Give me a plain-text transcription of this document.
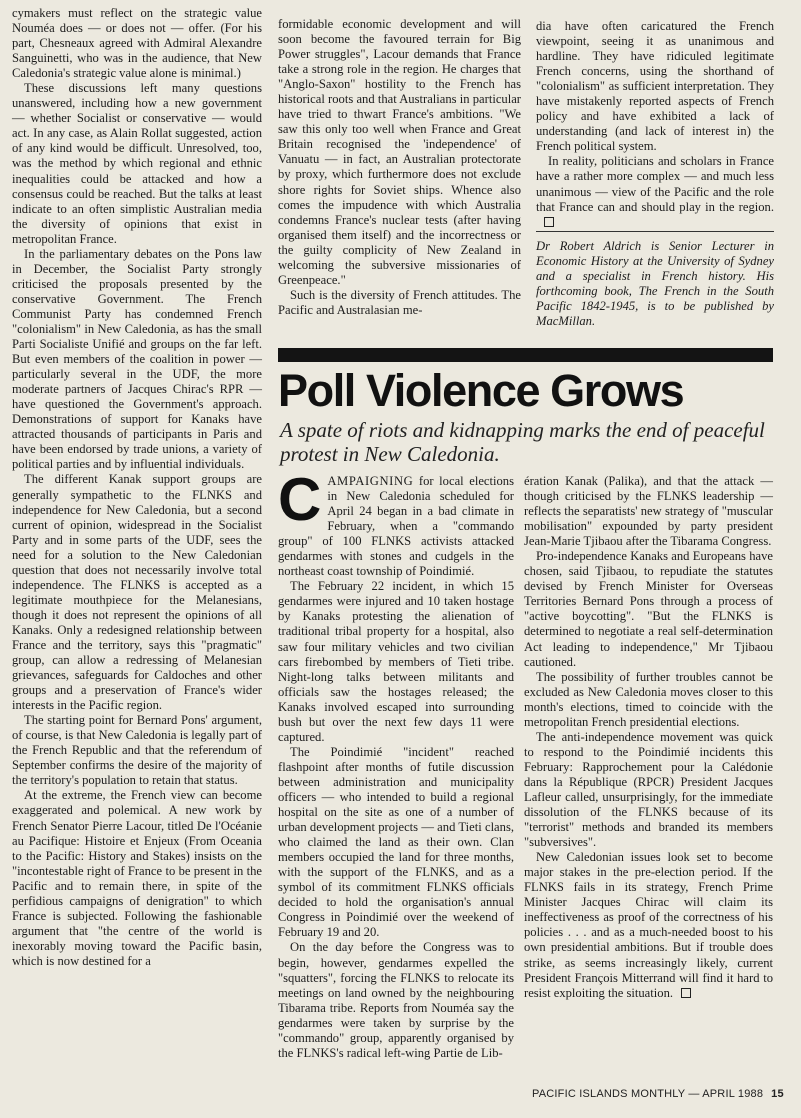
cymakers must reflect on the strategic value Nouméa does — or does not — offer. (For his part, Chesneaux agreed with Admiral Alexandre Sanguinetti, who was in the audience, that New Caledonia's strategic value alone is minimal.)

These discussions left many questions unanswered, including how a new government — whether Socialist or conservative — would act. In any case, as Alain Rollat suggested, action of any kind would be difficult. Unresolved, too, was the method by which regional and ethnic inequalities could be attacked and how a consensus could be reached. But the talks at least indicate to an often simplistic Australian media the diversity of opinions that exist in metropolitan France.

In the parliamentary debates on the Pons law in December, the Socialist Party strongly criticised the proposals presented by the conservative Government. The French Communist Party has condemned French "colonialism" in New Caledonia, as has the small Parti Socialiste Unifié and groups on the far left. But even members of the coalition in power — particularly several in the UDF, the more moderate partners of Jacques Chirac's RPR — have questioned the Government's approach. Demonstrations of support for Kanaks have attracted thousands of participants in Paris and have been endorsed by trade unions, a variety of political parties and by influential individuals.

The different Kanak support groups are generally sympathetic to the FLNKS and independence for New Caledonia, but a second current of opinion, widespread in the Socialist Party and in some parts of the UDF, sees the need for a solution to the New Caledonian question that does not necessarily involve total independence. The FLNKS is accepted as a legitimate mouthpiece for the Melanesians, though it does not represent the opinions of all Kanaks. Only a redesigned relationship between France and the territory, says this "pragmatic" group, can allow a redressing of Melanesian grievances, safeguards for Caldoches and other groups and a preservation of France's wider interests in the Pacific region.

The starting point for Bernard Pons' argument, of course, is that New Caledonia is legally part of the French Republic and that the referendum of September confirms the desire of the majority of the territory's population to retain that status.

At the extreme, the French view can become exaggerated and polemical. A new work by French Senator Pierre Lacour, titled De l'Océanie au Pacifique: Histoire et Enjeux (From Oceania to the Pacific: History and Stakes) insists on the "incontestable right of France to be present in the Pacific and to remain there, in spite of the perfidious campaigns of denigration" to which France is subjected. Following the fashionable argument that "the centre of the world is inexorably moving toward the Pacific basin, which is now destined for a

formidable economic development and will soon become the favoured terrain for Big Power struggles", Lacour demands that France take a strong role in the region. He charges that "Anglo-Saxon" hostility to the French has historical roots and that Australians in particular have tried to thwart France's ambitions. "We saw this only too well when France and Great Britain recognised the 'independence' of Vanuatu — in fact, an Australian protectorate by proxy, which furthermore does not exclude shore rights for Soviet ships. Whence also comes the impudence with which Australia condemns France's nuclear tests (after having organised them itself) and the incorrectness or the guilty complicity of New Zealand in welcoming the subversive missionaries of Greenpeace."

Such is the diversity of French attitudes. The Pacific and Australasian me-

dia have often caricatured the French viewpoint, seeing it as unanimous and hardline. They have ridiculed legitimate French concerns, using the shorthand of "colonialism" as sufficient interpretation. They have mistakenly reported aspects of French policy and have exhibited a lack of understanding (and lack of interest in) the French political system.

In reality, politicians and scholars in France have a rather more complex — and much less unanimous — view of the Pacific and the role that France can and should play in the region.

Dr Robert Aldrich is Senior Lecturer in Economic History at the University of Sydney and a specialist in French history. His forthcoming book, The French in the South Pacific 1842-1945, is to be published by MacMillan.

Poll Violence Grows

A spate of riots and kidnapping marks the end of peaceful protest in New Caledonia.

CAMPAIGNING for local elections in New Caledonia scheduled for April 24 began in a bad climate in February, when a "commando group" of 100 FLNKS activists attacked gendarmes with stones and cudgels in the northeast coast township of Poindimié.

The February 22 incident, in which 15 gendarmes were injured and 10 taken hostage by Kanaks protesting the alienation of traditional tribal property for a hospital, also saw four military vehicles and two civilian cars firebombed by members of Tieti tribe. Night-long talks between militants and officials saw the hostages released; the Kanaks involved escaped into surrounding bush but over the next few days 11 were captured.

The Poindimié "incident" reached flashpoint after months of futile discussion between administration and municipality officers — who intended to build a regional hospital on the site as one of a number of urban development projects — and Tieti clans, who claimed the land as their own. Clan members occupied the land for three months, with the support of the FLNKS, and as a symbol of its commitment FLNKS officials decided to hold the organisation's annual Congress in Poindimié over the weekend of February 19 and 20.

On the day before the Congress was to begin, however, gendarmes expelled the "squatters", forcing the FLNKS to relocate its meetings on land owned by the neighbouring Tibarama tribe. Reports from Nouméa say the gendarmes were taken by surprise by the "commando" group, apparently organised by the FLNKS's radical left-wing Partie de Lib-

ération Kanak (Palika), and that the attack — though criticised by the FLNKS leadership — reflects the separatists' new strategy of "muscular mobilisation" expounded by party president Jean-Marie Tjibaou after the Tibarama Congress.

Pro-independence Kanaks and Europeans have chosen, said Tjibaou, to repudiate the statutes devised by French Minister for Overseas Territories Bernard Pons through a process of "active boycotting". "But the FLNKS is determined to negotiate a real self-determination Act leading to independence," Mr Tjibaou cautioned.

The possibility of further troubles cannot be excluded as New Caledonia moves closer to this month's elections, timed to coincide with the metropolitan French presidential elections.

The anti-independence movement was quick to respond to the Poindimié incidents this February: Rapprochement pour la Calédonie dans la République (RPCR) President Jacques Lafleur called, unsurprisingly, for the immediate dissolution of the FLNKS because of its "terrorist" methods and branded its members "subversives".

New Caledonian issues look set to become major stakes in the pre-election period. If the FLNKS fails in its strategy, French Prime Minister Jacques Chirac will claim its ineffectiveness as proof of the correctness of his policies . . . and as a much-needed boost to his own presidential ambitions. But if trouble does strike, as seems increasingly likely, current President François Mitterrand will find it hard to resist exploiting the situation.

PACIFIC ISLANDS MONTHLY — APRIL 1988 15
